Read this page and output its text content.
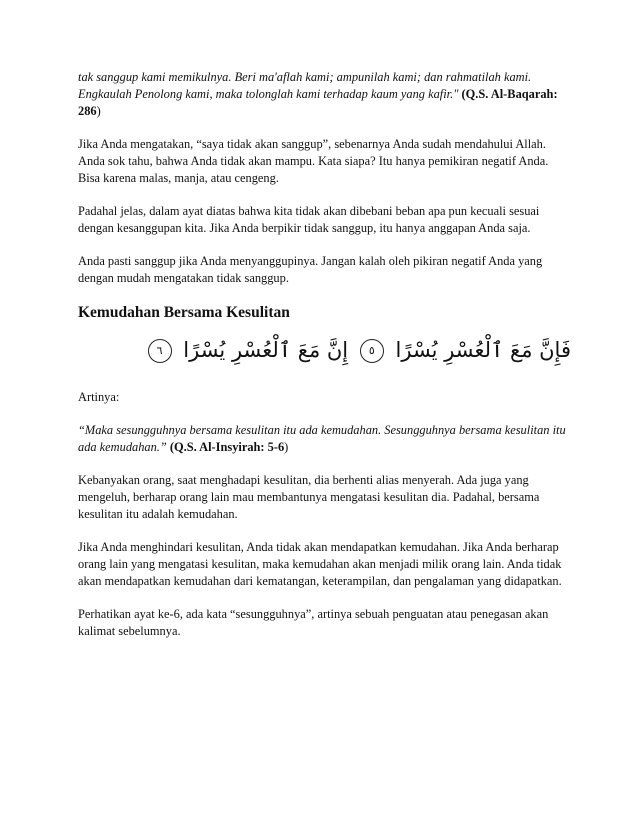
tak sanggup kami memikulnya. Beri ma'aflah kami; ampunilah kami; dan rahmatilah kami. Engkaulah Penolong kami, maka tolonglah kami terhadap kaum yang kafir." (Q.S. Al-Baqarah: 286)

Jika Anda mengatakan, “saya tidak akan sanggup”, sebenarnya Anda sudah mendahului Allah. Anda sok tahu, bahwa Anda tidak akan mampu. Kata siapa? Itu hanya pemikiran negatif Anda. Bisa karena malas, manja, atau cengeng.

Padahal jelas, dalam ayat diatas bahwa kita tidak akan dibebani beban apa pun kecuali sesuai dengan kesanggupan kita. Jika Anda berpikir tidak sanggup, itu hanya anggapan Anda saja.

Anda pasti sanggup jika Anda menyanggupinya. Jangan kalah oleh pikiran negatif Anda yang dengan mudah mengatakan tidak sanggup.

Kemudahan Bersama Kesulitan
فَإِنَّ مَعَ ٱلْعُسْرِ يُسْرًا ٥ إِنَّ مَعَ ٱلْعُسْرِ يُسْرًا ٦

Artinya:

“Maka sesungguhnya bersama kesulitan itu ada kemudahan. Sesungguhnya bersama kesulitan itu ada kemudahan.” (Q.S. Al-Insyirah: 5-6)

Kebanyakan orang, saat menghadapi kesulitan, dia berhenti alias menyerah. Ada juga yang mengeluh, berharap orang lain mau membantunya mengatasi kesulitan dia. Padahal, bersama kesulitan itu adalah kemudahan.

Jika Anda menghindari kesulitan, Anda tidak akan mendapatkan kemudahan. Jika Anda berharap orang lain yang mengatasi kesulitan, maka kemudahan akan menjadi milik orang lain. Anda tidak akan mendapatkan kemudahan dari kematangan, keterampilan, dan pengalaman yang didapatkan.

Perhatikan ayat ke-6, ada kata “sesungguhnya”, artinya sebuah penguatan atau penegasan akan kalimat sebelumnya.
